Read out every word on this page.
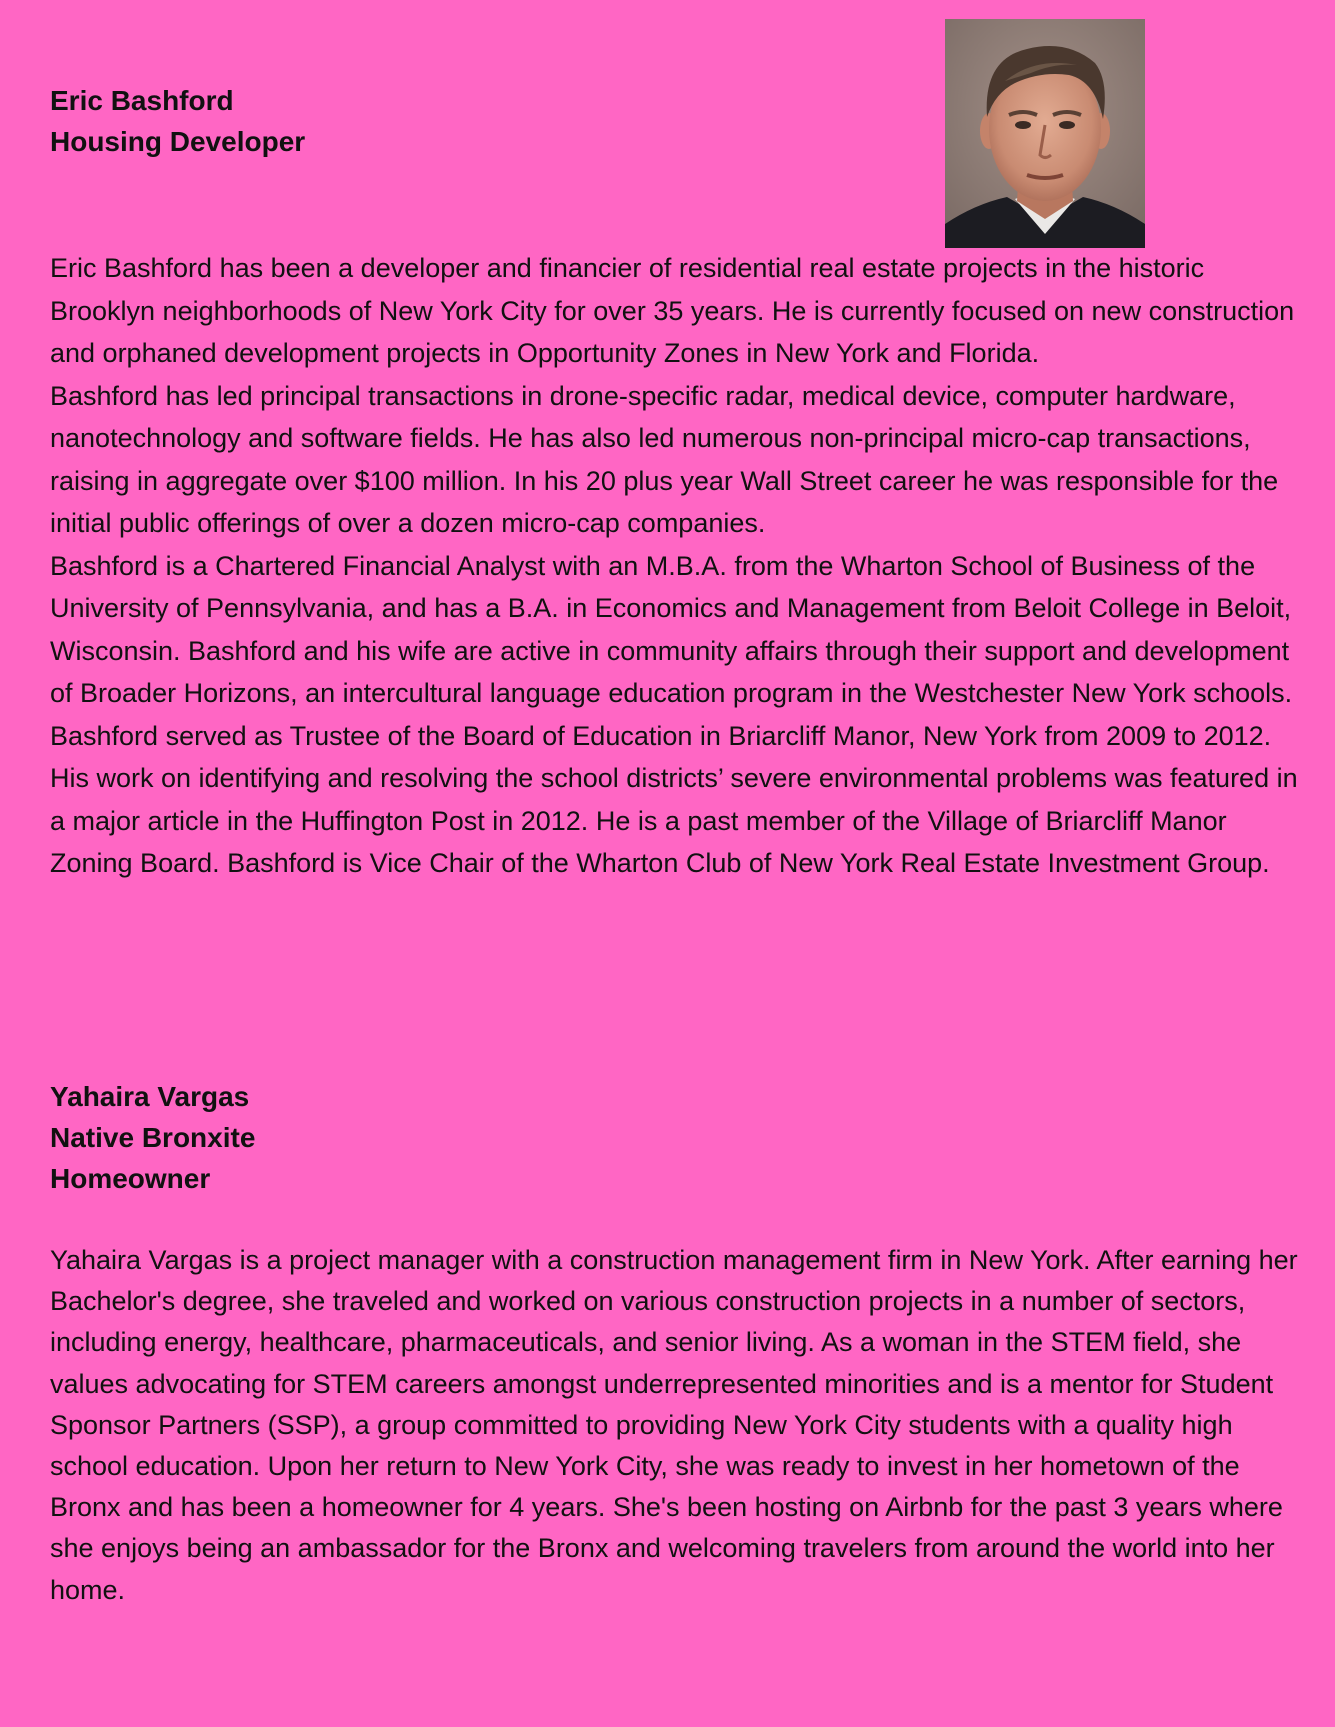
Eric Bashford
Housing Developer

Eric Bashford has been a developer and financier of residential real estate projects in the historic Brooklyn neighborhoods of New York City for over 35 years. He is currently focused on new construction and orphaned development projects in Opportunity Zones in New York and Florida.

Bashford has led principal transactions in drone-specific radar, medical device, computer hardware, nanotechnology and software fields. He has also led numerous non-principal micro-cap transactions, raising in aggregate over $100 million. In his 20 plus year Wall Street career he was responsible for the initial public offerings of over a dozen micro-cap companies.

Bashford is a Chartered Financial Analyst with an M.B.A. from the Wharton School of Business of the University of Pennsylvania, and has a B.A. in Economics and Management from Beloit College in Beloit, Wisconsin. Bashford and his wife are active in community affairs through their support and development of Broader Horizons, an intercultural language education program in the Westchester New York schools. Bashford served as Trustee of the Board of Education in Briarcliff Manor, New York from 2009 to 2012. His work on identifying and resolving the school districts’ severe environmental problems was featured in a major article in the Huffington Post in 2012. He is a past member of the Village of Briarcliff Manor Zoning Board. Bashford is Vice Chair of the Wharton Club of New York Real Estate Investment Group.

Yahaira Vargas
Native Bronxite
Homeowner

Yahaira Vargas is a project manager with a construction management firm in New York. After earning her Bachelor's degree, she traveled and worked on various construction projects in a number of sectors, including energy, healthcare, pharmaceuticals, and senior living. As a woman in the STEM field, she values advocating for STEM careers amongst underrepresented minorities and is a mentor for Student Sponsor Partners (SSP), a group committed to providing New York City students with a quality high school education. Upon her return to New York City, she was ready to invest in her hometown of the Bronx and has been a homeowner for 4 years. She's been hosting on Airbnb for the past 3 years where she enjoys being an ambassador for the Bronx and welcoming travelers from around the world into her home.
